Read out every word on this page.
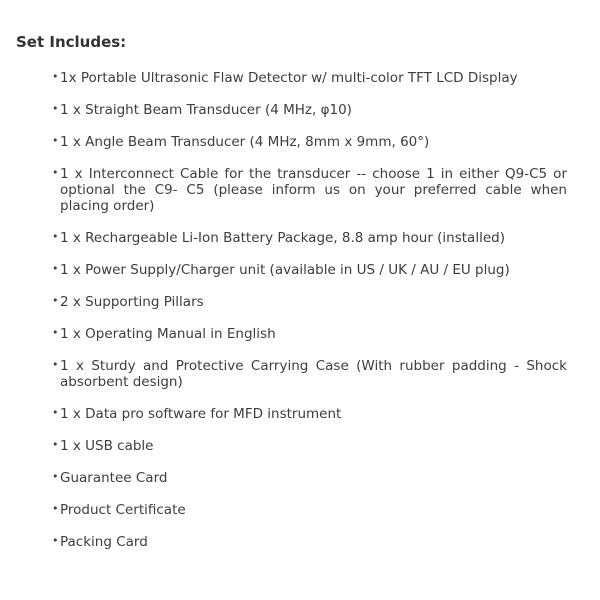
Set Includes:
• 1x Portable Ultrasonic Flaw Detector w/ multi-color TFT LCD Display
• 1 x Straight Beam Transducer (4 MHz, φ10)
• 1 x Angle Beam Transducer (4 MHz, 8mm x 9mm, 60°)
• 1 x Interconnect Cable for the transducer -- choose 1 in either Q9-C5 or optional the C9- C5 (please inform us on your preferred cable when placing order)
• 1 x Rechargeable Li-Ion Battery Package, 8.8 amp hour (installed)
• 1 x Power Supply/Charger unit (available in US / UK / AU / EU plug)
• 2 x Supporting Pillars
• 1 x Operating Manual in English
• 1 x Sturdy and Protective Carrying Case (With rubber padding - Shock absorbent design)
• 1 x Data pro software for MFD instrument
• 1 x USB cable
• Guarantee Card
• Product Certificate
• Packing Card
